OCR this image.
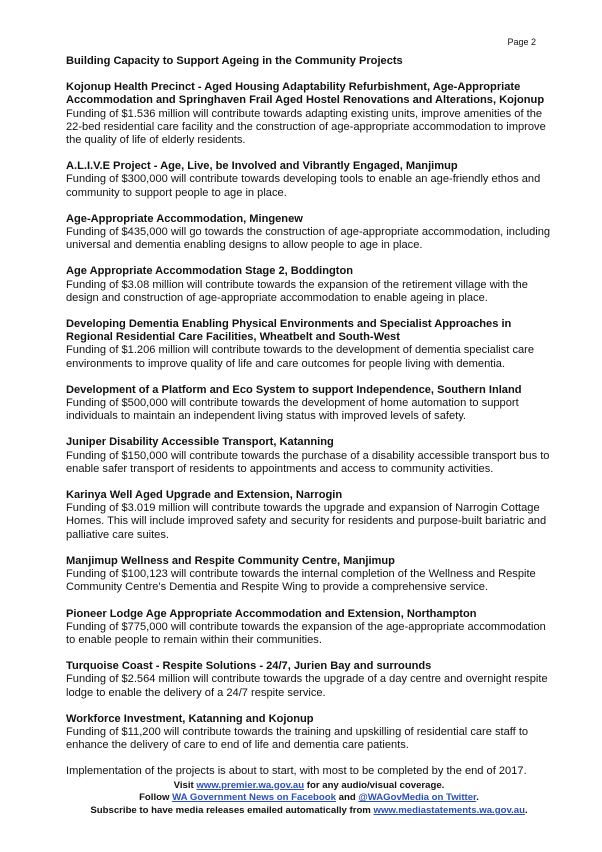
Page 2
Building Capacity to Support Ageing in the Community Projects
Kojonup Health Precinct - Aged Housing Adaptability Refurbishment, Age-Appropriate Accommodation and Springhaven Frail Aged Hostel Renovations and Alterations, Kojonup
Funding of $1.536 million will contribute towards adapting existing units, improve amenities of the 22-bed residential care facility and the construction of age-appropriate accommodation to improve the quality of life of elderly residents.
A.L.I.V.E Project - Age, Live, be Involved and Vibrantly Engaged, Manjimup
Funding of $300,000 will contribute towards developing tools to enable an age-friendly ethos and community to support people to age in place.
Age-Appropriate Accommodation, Mingenew
Funding of $435,000 will go towards the construction of age-appropriate accommodation, including universal and dementia enabling designs to allow people to age in place.
Age Appropriate Accommodation Stage 2, Boddington
Funding of $3.08 million will contribute towards the expansion of the retirement village with the design and construction of age-appropriate accommodation to enable ageing in place.
Developing Dementia Enabling Physical Environments and Specialist Approaches in Regional Residential Care Facilities, Wheatbelt and South-West
Funding of $1.206 million will contribute towards to the development of dementia specialist care environments to improve quality of life and care outcomes for people living with dementia.
Development of a Platform and Eco System to support Independence, Southern Inland
Funding of $500,000 will contribute towards the development of home automation to support individuals to maintain an independent living status with improved levels of safety.
Juniper Disability Accessible Transport, Katanning
Funding of $150,000 will contribute towards the purchase of a disability accessible transport bus to enable safer transport of residents to appointments and access to community activities.
Karinya Well Aged Upgrade and Extension, Narrogin
Funding of $3.019 million will contribute towards the upgrade and expansion of Narrogin Cottage Homes. This will include improved safety and security for residents and purpose-built bariatric and palliative care suites.
Manjimup Wellness and Respite Community Centre, Manjimup
Funding of $100,123 will contribute towards the internal completion of the Wellness and Respite Community Centre's Dementia and Respite Wing to provide a comprehensive service.
Pioneer Lodge Age Appropriate Accommodation and Extension, Northampton
Funding of $775,000 will contribute towards the expansion of the age-appropriate accommodation to enable people to remain within their communities.
Turquoise Coast - Respite Solutions - 24/7, Jurien Bay and surrounds
Funding of $2.564 million will contribute towards the upgrade of a day centre and overnight respite lodge to enable the delivery of a 24/7 respite service.
Workforce Investment, Katanning and Kojonup
Funding of $11,200 will contribute towards the training and upskilling of residential care staff to enhance the delivery of care to end of life and dementia care patients.
Implementation of the projects is about to start, with most to be completed by the end of 2017.
Visit www.premier.wa.gov.au for any audio/visual coverage.
Follow WA Government News on Facebook and @WAGovMedia on Twitter.
Subscribe to have media releases emailed automatically from www.mediastatements.wa.gov.au.
